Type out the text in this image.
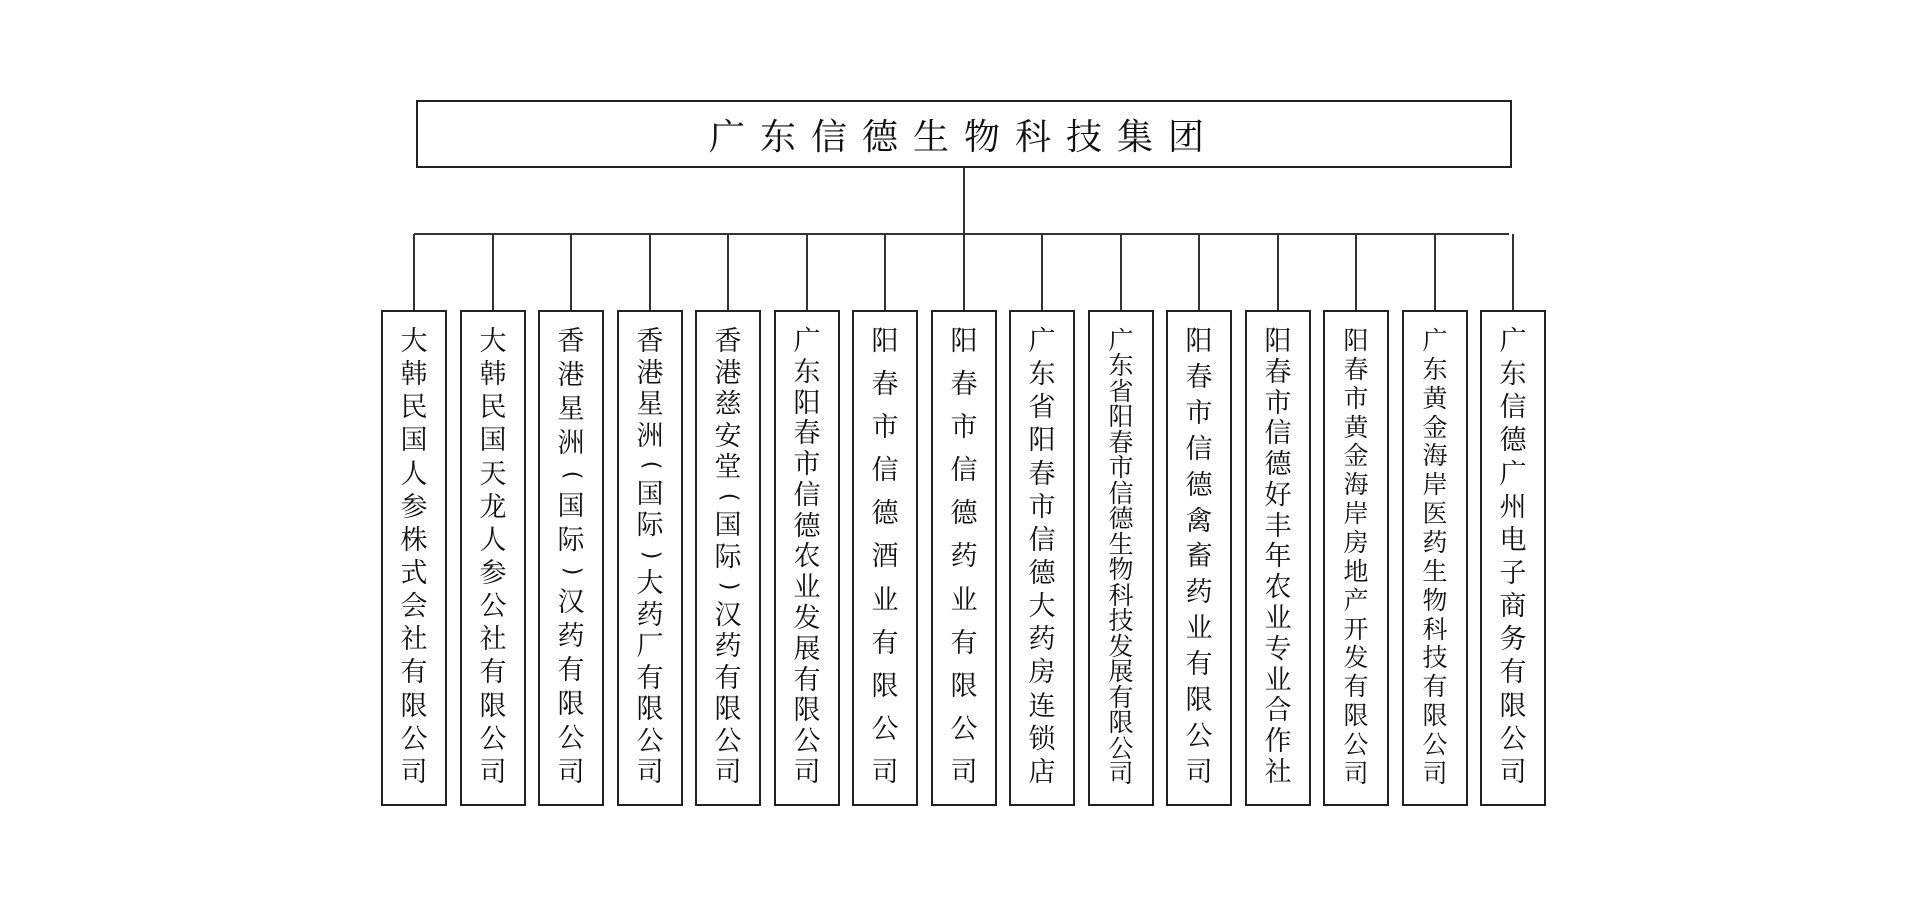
广东信德生物科技集团
大
韩
民
国
人
参
株
式
会
社
有
限
公
司
大
韩
民
国
天
龙
人
参
公
社
有
限
公
司
香
港
星
洲
(
国
际
)
汉
药
有
限
公
司
香
港
星
洲
(
国
际
)
大
药
厂
有
限
公
司
香
港
慈
安
堂
(
国
际
)
汉
药
有
限
公
司
广
东
阳
春
市
信
德
农
业
发
展
有
限
公
司
阳
春
市
信
德
酒
业
有
限
公
司
阳
春
市
信
德
药
业
有
限
公
司
广
东
省
阳
春
市
信
德
大
药
房
连
锁
店
广
东
省
阳
春
市
信
德
生
物
科
技
发
展
有
限
公
司
阳
春
市
信
德
禽
畜
药
业
有
限
公
司
阳
春
市
信
德
好
丰
年
农
业
专
业
合
作
社
阳
春
市
黄
金
海
岸
房
地
产
开
发
有
限
公
司
广
东
黄
金
海
岸
医
药
生
物
科
技
有
限
公
司
广
东
信
德
广
州
电
子
商
务
有
限
公
司
